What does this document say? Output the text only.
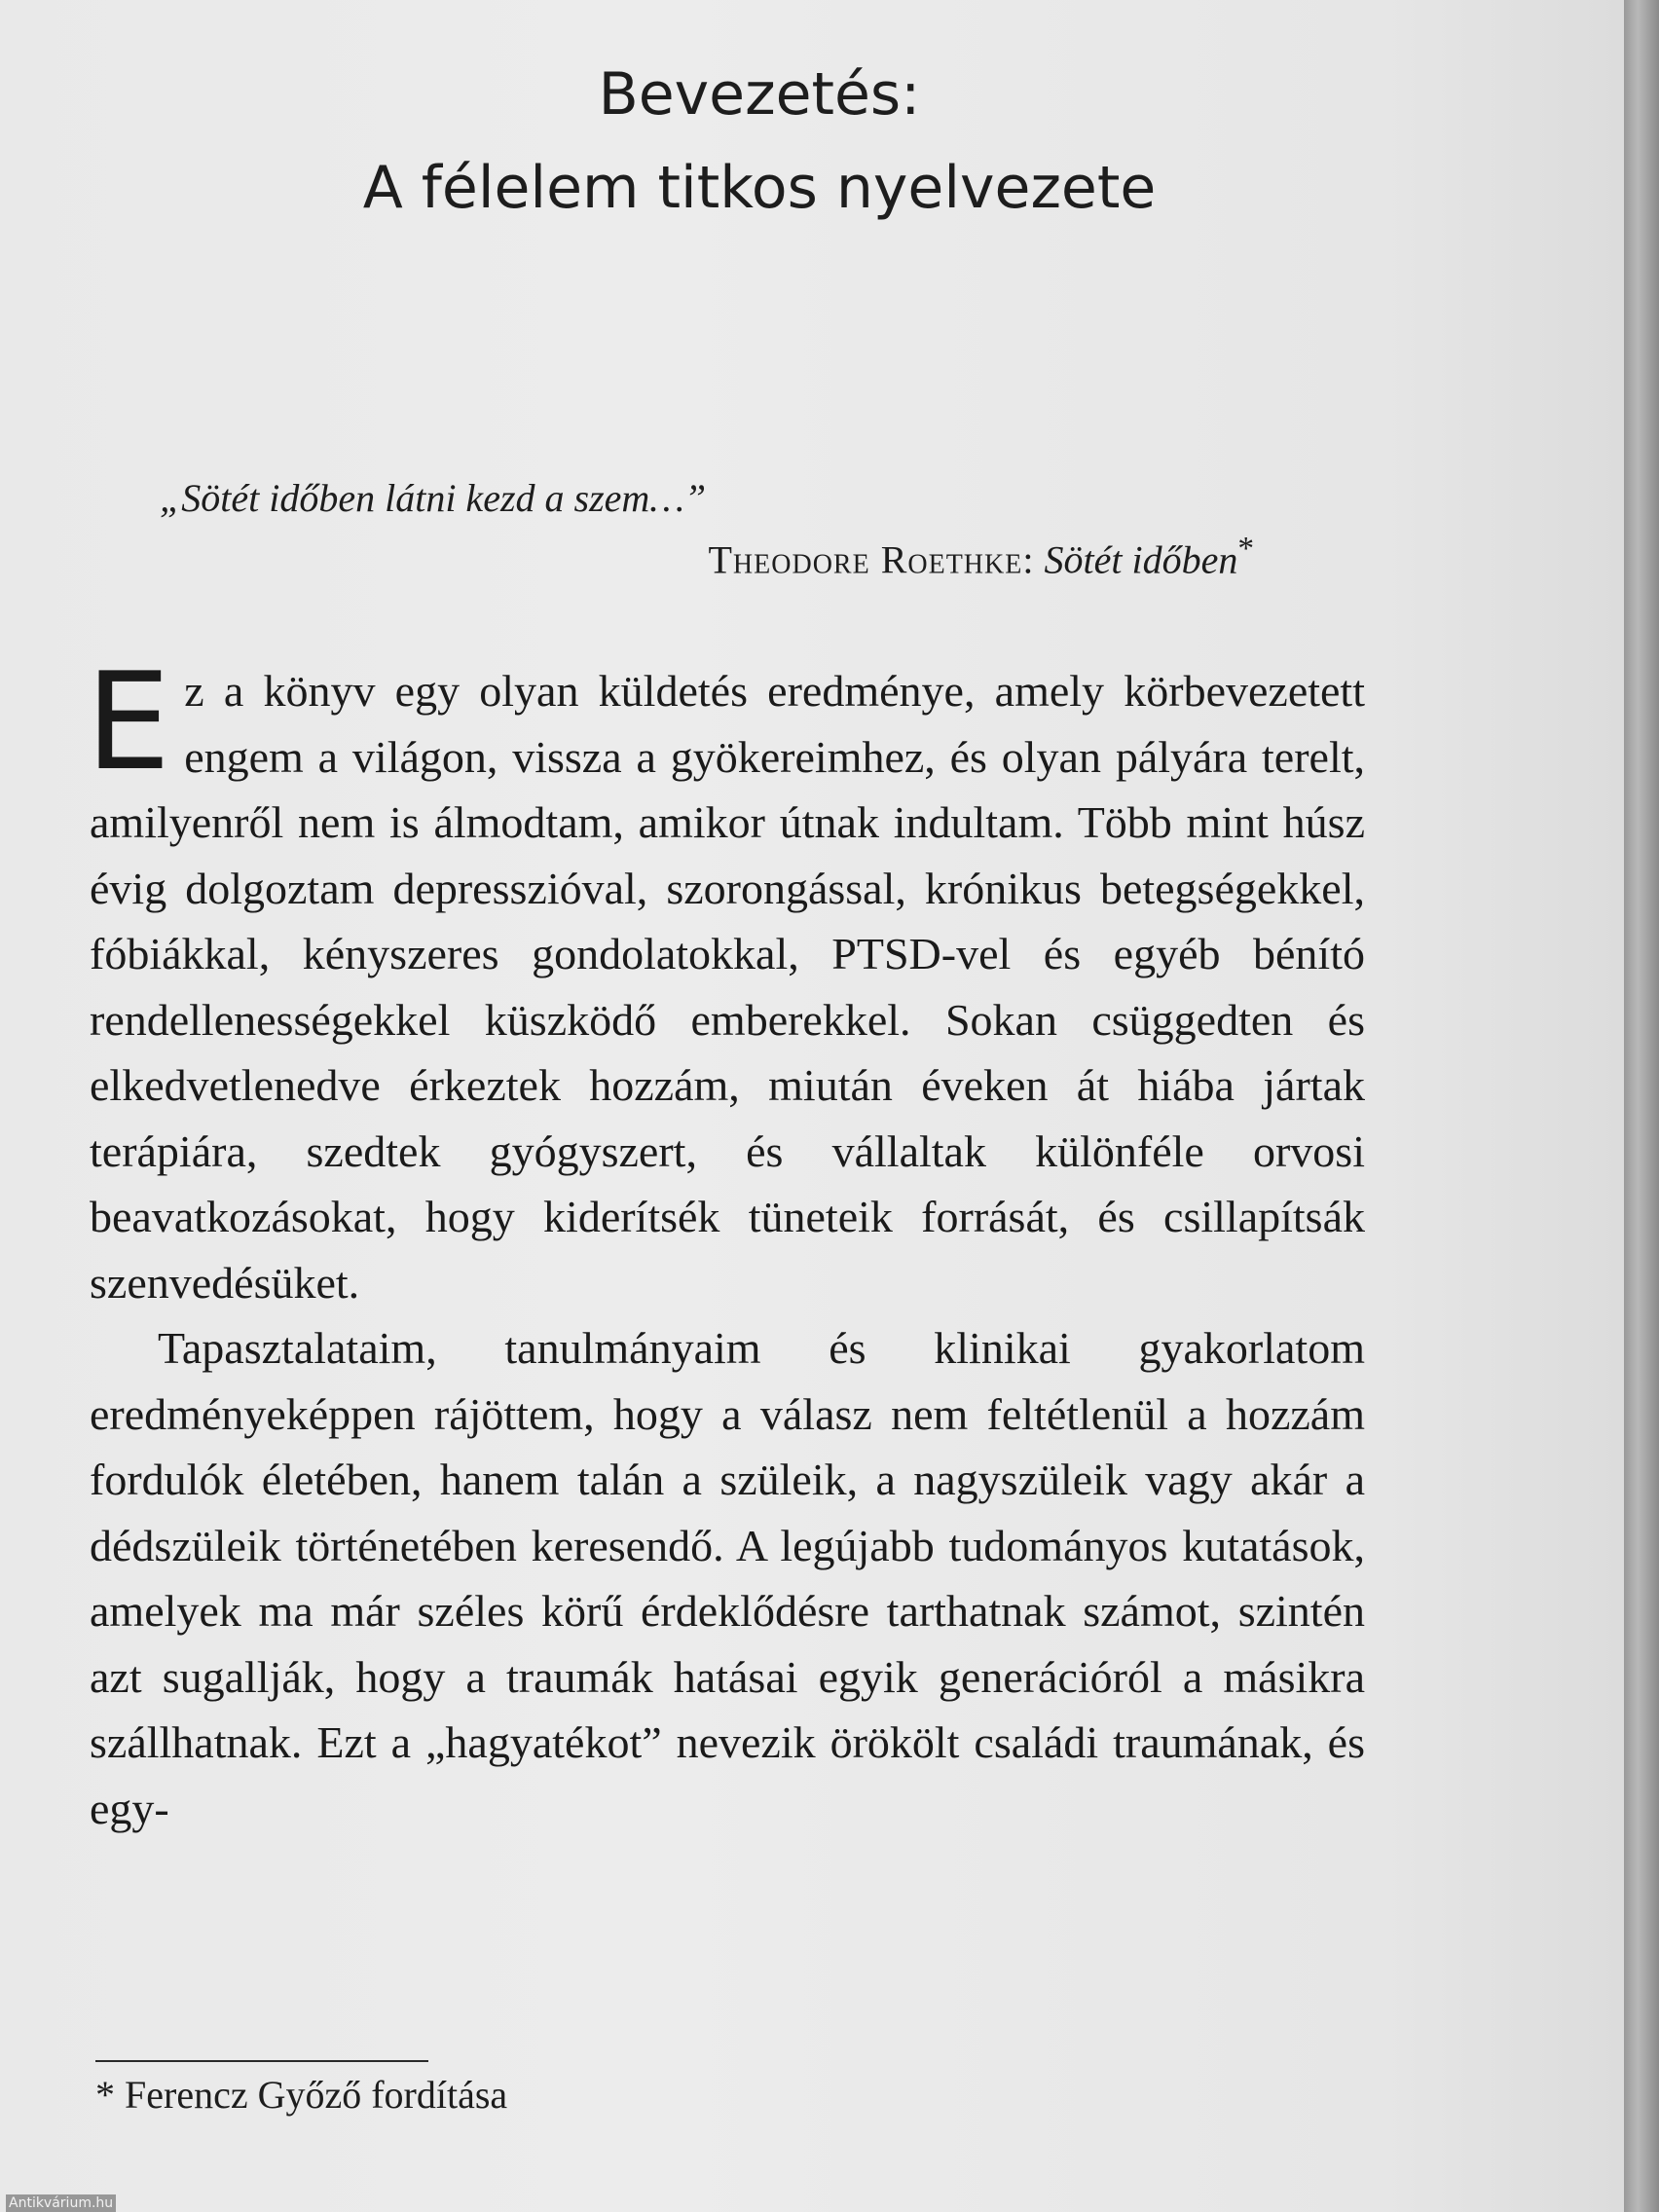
Bevezetés:
A félelem titkos nyelvezete
„Sötét időben látni kezd a szem…”
Theodore Roethke: Sötét időben*

Ez a könyv egy olyan küldetés eredménye, amely körbevezetett engem a világon, vissza a gyökereimhez, és olyan pályára terelt, amilyenről nem is álmodtam, amikor útnak indultam. Több mint húsz évig dolgoztam depresszióval, szorongással, krónikus betegségekkel, fóbiákkal, kényszeres gondolatokkal, PTSD-vel és egyéb bénító rendellenességekkel küszködő emberekkel. Sokan csüggedten és elkedvetlenedve érkeztek hozzám, miután éveken át hiába jártak terápiára, szedtek gyógyszert, és vállaltak különféle orvosi beavatkozásokat, hogy kiderítsék tüneteik forrását, és csillapítsák szenvedésüket.

Tapasztalataim, tanulmányaim és klinikai gyakorlatom eredményeképpen rájöttem, hogy a válasz nem feltétlenül a hozzám fordulók életében, hanem talán a szüleik, a nagyszüleik vagy akár a dédszüleik történetében keresendő. A legújabb tudományos kutatások, amelyek ma már széles körű érdeklődésre tarthatnak számot, szintén azt sugallják, hogy a traumák hatásai egyik generációról a másikra szállhatnak. Ezt a „hagyatékot” nevezik örökölt családi traumának, és egy-

* Ferencz Győző fordítása
Antikvárium.hu
